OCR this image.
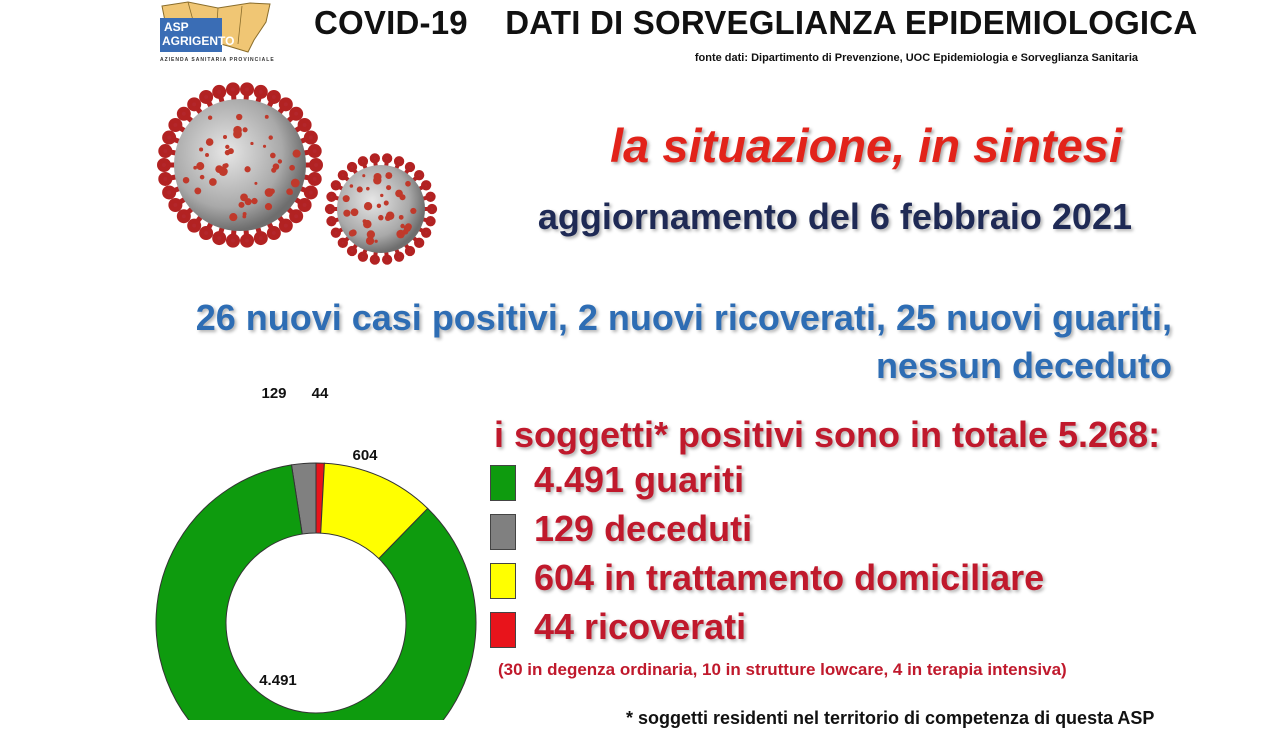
ASP
AGRIGENTO
AZIENDA SANITARIA PROVINCIALE
COVID-19    DATI DI SORVEGLIANZA EPIDEMIOLOGICA
fonte dati: Dipartimento di Prevenzione, UOC Epidemiologia e Sorveglianza Sanitaria
la situazione, in sintesi
aggiornamento del 6 febbraio 2021
26 nuovi casi positivi, 2 nuovi ricoverati, 25 nuovi guariti,
nessun deceduto
4.491
129
604
44
i soggetti* positivi sono in totale 5.268:
4.491 guariti
129 deceduti
604 in trattamento domiciliare
44 ricoverati
(30 in degenza ordinaria, 10 in strutture lowcare, 4 in terapia intensiva)
* soggetti residenti nel territorio di competenza di questa ASP
